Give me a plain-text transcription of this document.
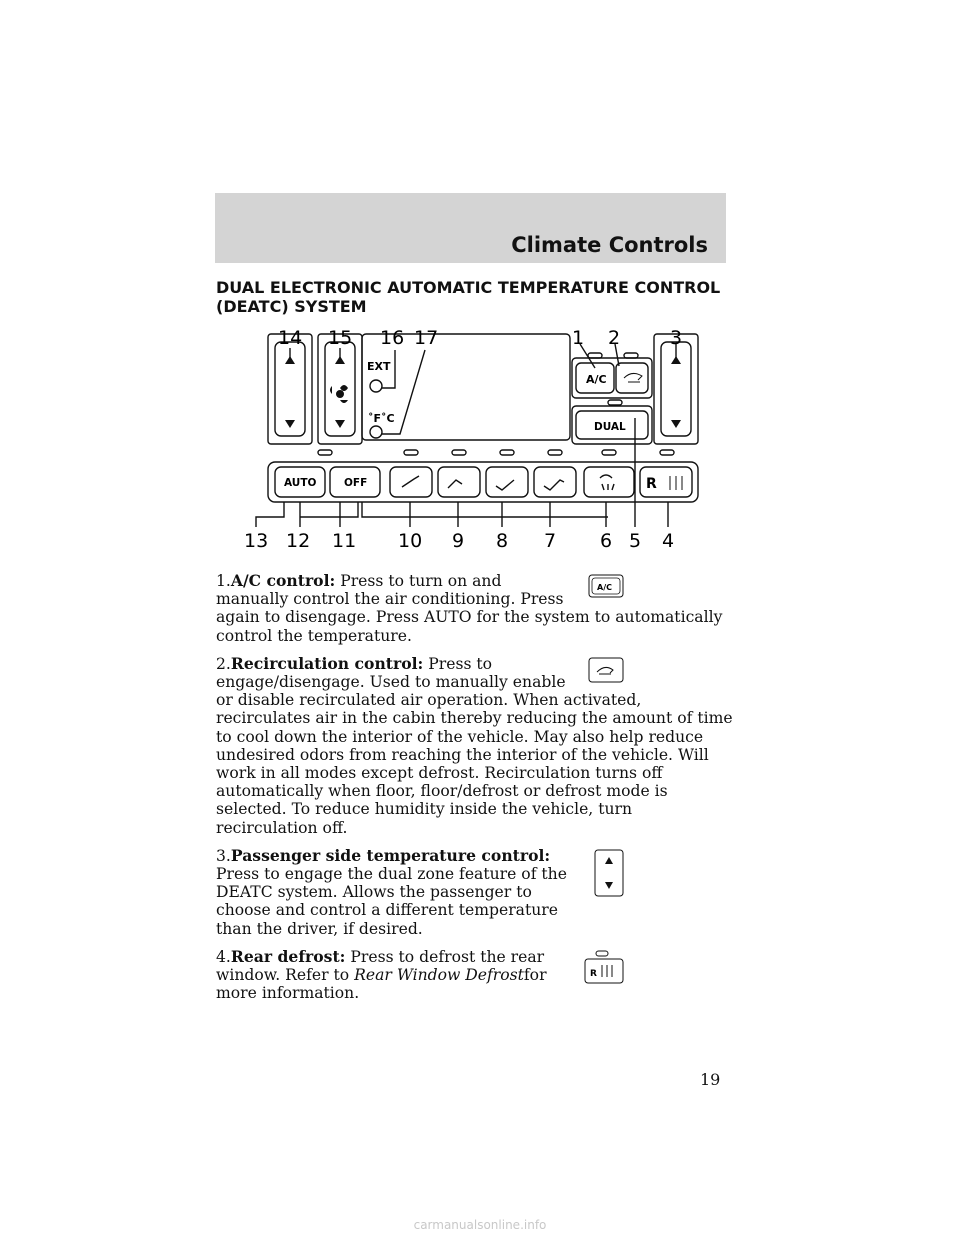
Climate Controls
DUAL ELECTRONIC AUTOMATIC TEMPERATURE CONTROL
(DEATC) SYSTEM
EXT
˚F ˚C
A/C
DUAL
AUTO	OFF	R
14 15 16 17	1 2	3
13 12 11 10 9 8 7 6 5 4
A/C
1.A/C control: Press to turn on and manually control the air conditioning. Press again to disengage. Press AUTO for the system to automatically control the temperature.
2.Recirculation control: Press to engage/disengage. Used to manually enable or disable recirculated air operation. When activated, recirculates air in the cabin thereby reducing the amount of time to cool down the interior of the vehicle. May also help reduce undesired odors from reaching the interior of the vehicle. Will work in all modes except defrost. Recirculation turns off automatically when floor, floor/defrost or defrost mode is selected. To reduce humidity inside the vehicle, turn recirculation off.
3.Passenger side temperature control: Press to engage the dual zone feature of the DEATC system. Allows the passenger to choose and control a different temperature than the driver, if desired.
R
4.Rear defrost: Press to defrost the rear window. Refer to Rear Window Defrostfor more information.
19
carmanualsonline.info
